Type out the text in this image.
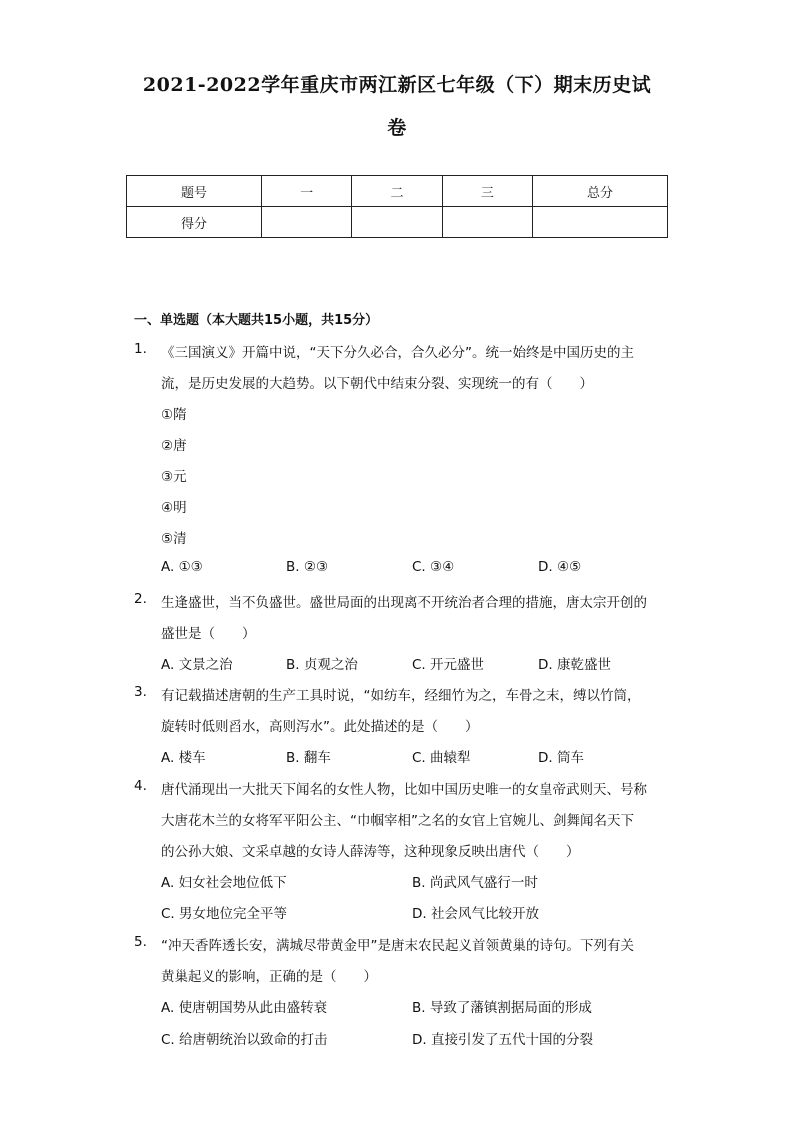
2021-2022学年重庆市两江新区七年级（下）期末历史试
卷
题号	一	二	三	总分
得分				
一、单选题（本大题共15小题，共15分）
1. 《三国演义》开篇中说，“天下分久必合，合久必分”。统一始终是中国历史的主
流，是历史发展的大趋势。以下朝代中结束分裂、实现统一的有（　　）
①隋
②唐
③元
④明
⑤清
A. ①③	B. ②③	C. ③④	D. ④⑤
2. 生逢盛世，当不负盛世。盛世局面的出现离不开统治者合理的措施，唐太宗开创的
盛世是（　　）
A. 文景之治	B. 贞观之治	C. 开元盛世	D. 康乾盛世
3. 有记载描述唐朝的生产工具时说，“如纺车，经细竹为之，车骨之末，缚以竹筒，
旋转时低则舀水，高则泻水”。此处描述的是（　　）
A. 楼车	B. 翻车	C. 曲辕犁	D. 筒车
4. 唐代涌现出一大批天下闻名的女性人物，比如中国历史唯一的女皇帝武则天、号称
大唐花木兰的女将军平阳公主、“巾帼宰相”之名的女官上官婉儿、剑舞闻名天下
的公孙大娘、文采卓越的女诗人薛涛等，这种现象反映出唐代（　　）
A. 妇女社会地位低下	B. 尚武风气盛行一时
C. 男女地位完全平等	D. 社会风气比较开放
5. “冲天香阵透长安，满城尽带黄金甲”是唐末农民起义首领黄巢的诗句。下列有关
黄巢起义的影响，正确的是（　　）
A. 使唐朝国势从此由盛转衰	B. 导致了藩镇割据局面的形成
C. 给唐朝统治以致命的打击	D. 直接引发了五代十国的分裂
